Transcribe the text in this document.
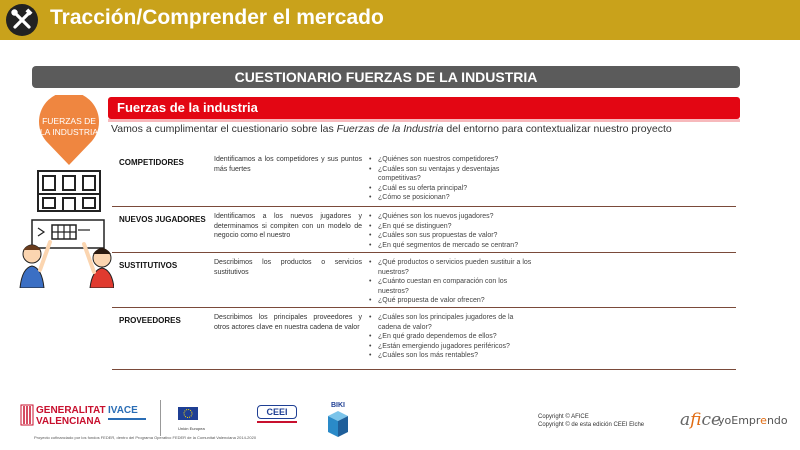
Tracción/Comprender el mercado
CUESTIONARIO FUERZAS DE LA INDUSTRIA
FUERZAS DE
LA INDUSTRIA
Fuerzas de la industria
Vamos a cumplimentar el cuestionario sobre las Fuerzas de la Industria del entorno para contextualizar nuestro proyecto
COMPETIDORES	Identificamos a los competidores y sus puntos más fuertes
• ¿Quiénes son nuestros competidores?
• ¿Cuáles son su ventajas y desventajas competitivas?
• ¿Cuál es su oferta principal?
• ¿Cómo se posicionan?
NUEVOS JUGADORES	Identificamos a los nuevos jugadores y determinamos si compiten con un modelo de negocio como el nuestro
• ¿Quiénes son los nuevos jugadores?
• ¿En qué se distinguen?
• ¿Cuáles son sus propuestas de valor?
• ¿En qué segmentos de mercado se centran?
SUSTITUTIVOS	Describimos los productos o servicios sustitutivos
• ¿Qué productos o servicios pueden sustituir a los nuestros?
• ¿Cuánto cuestan en comparación con los nuestros?
• ¿Qué propuesta de valor ofrecen?
PROVEEDORES	Describimos los principales proveedores y otros actores clave en nuestra cadena de valor
• ¿Cuáles son los principales jugadores de la cadena de valor?
• ¿En qué grado dependemos de ellos?
• ¿Están emergiendo jugadores periféricos?
• ¿Cuáles son los más rentables?
GENERALITAT
VALENCIANA
IVACE
Unión Europea
CEEI
BIKI
Proyecto cofinanciado por los fondos FEDER, dentro del Programa Operativo FEDER de la Comunitat Valenciana 2014-2020
Copyright © AFICE
Copyright © de esta edición CEEI Elche afice
yoEmprendo
